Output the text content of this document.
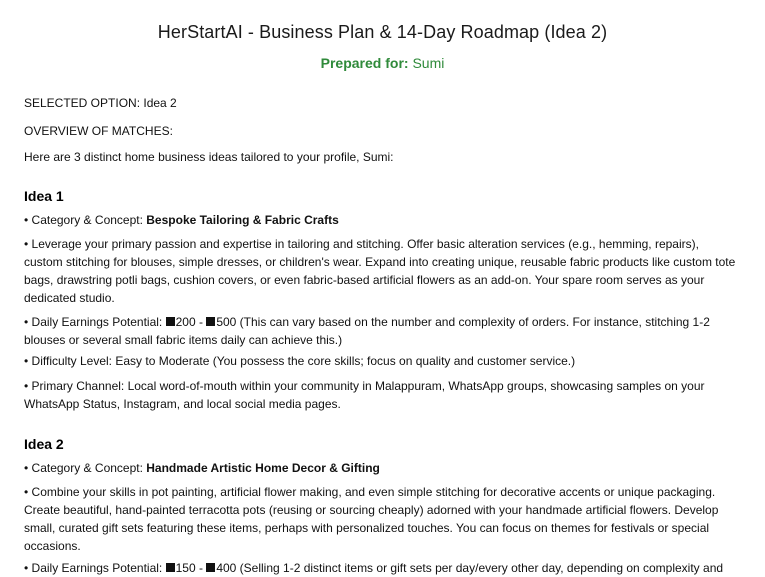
HerStartAI - Business Plan & 14-Day Roadmap (Idea 2)
Prepared for: Sumi
SELECTED OPTION: Idea 2
OVERVIEW OF MATCHES:
Here are 3 distinct home business ideas tailored to your profile, Sumi:
Idea 1
• Category & Concept: Bespoke Tailoring & Fabric Crafts
• Leverage your primary passion and expertise in tailoring and stitching. Offer basic alteration services (e.g., hemming, repairs), custom stitching for blouses, simple dresses, or children's wear. Expand into creating unique, reusable fabric products like custom tote bags, drawstring potli bags, cushion covers, or even fabric-based artificial flowers as an add-on. Your spare room serves as your dedicated studio.
• Daily Earnings Potential: 200 - 500 (This can vary based on the number and complexity of orders. For instance, stitching 1-2 blouses or several small fabric items daily can achieve this.)
• Difficulty Level: Easy to Moderate (You possess the core skills; focus on quality and customer service.)
• Primary Channel: Local word-of-mouth within your community in Malappuram, WhatsApp groups, showcasing samples on your WhatsApp Status, Instagram, and local social media pages.
Idea 2
• Category & Concept: Handmade Artistic Home Decor & Gifting
• Combine your skills in pot painting, artificial flower making, and even simple stitching for decorative accents or unique packaging. Create beautiful, hand-painted terracotta pots (reusing or sourcing cheaply) adorned with your handmade artificial flowers. Develop small, curated gift sets featuring these items, perhaps with personalized touches. You can focus on themes for festivals or special occasions.
• Daily Earnings Potential: 150 - 400 (Selling 1-2 distinct items or gift sets per day/every other day, depending on complexity and
